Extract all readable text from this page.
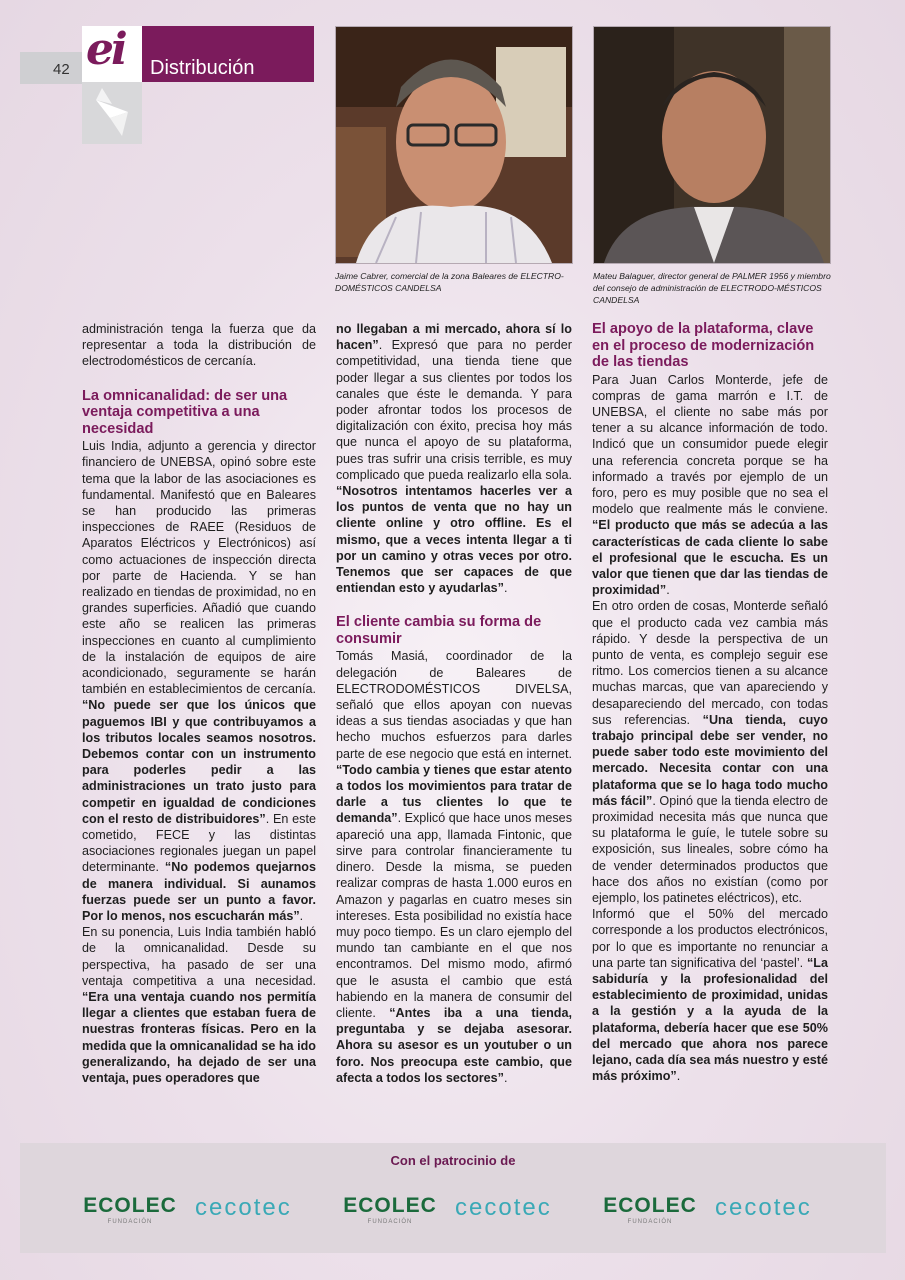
42 ei Distribución
Jaime Cabrer, comercial de la zona Baleares de ELECTRO-DOMÉSTICOS CANDELSA
Mateu Balaguer, director general de PALMER 1956 y miembro del consejo de administración de ELECTRODO-MÉSTICOS CANDELSA

administración tenga la fuerza que da representar a toda la distribución de electrodomésticos de cercanía.

La omnicanalidad: de ser una ventaja competitiva a una necesidad

Luis India, adjunto a gerencia y director financiero de UNEBSA, opinó sobre este tema que la labor de las asociaciones es fundamental. Manifestó que en Baleares se han producido las primeras inspecciones de RAEE (Residuos de Aparatos Eléctricos y Electrónicos) así como actuaciones de inspección directa por parte de Hacienda. Y se han realizado en tiendas de proximidad, no en grandes superficies. Añadió que cuando este año se realicen las primeras inspecciones en cuanto al cumplimiento de la instalación de equipos de aire acondicionado, seguramente se harán también en establecimientos de cercanía. “No puede ser que los únicos que paguemos IBI y que contribuyamos a los tributos locales seamos nosotros. Debemos contar con un instrumento para poderles pedir a las administraciones un trato justo para competir en igualdad de condiciones con el resto de distribuidores”. En este cometido, FECE y las distintas asociaciones regionales juegan un papel determinante. “No podemos quejarnos de manera individual. Si aunamos fuerzas puede ser un punto a favor. Por lo menos, nos escucharán más”.

En su ponencia, Luis India también habló de la omnicanalidad. Desde su perspectiva, ha pasado de ser una ventaja competitiva a una necesidad. “Era una ventaja cuando nos permitía llegar a clientes que estaban fuera de nuestras fronteras físicas. Pero en la medida que la omnicanalidad se ha ido generalizando, ha dejado de ser una ventaja, pues operadores que

no llegaban a mi mercado, ahora sí lo hacen”. Expresó que para no perder competitividad, una tienda tiene que poder llegar a sus clientes por todos los canales que éste le demanda. Y para poder afrontar todos los procesos de digitalización con éxito, precisa hoy más que nunca el apoyo de su plataforma, pues tras sufrir una crisis terrible, es muy complicado que pueda realizarlo ella sola. “Nosotros intentamos hacerles ver a los puntos de venta que no hay un cliente online y otro offline. Es el mismo, que a veces intenta llegar a ti por un camino y otras veces por otro. Tenemos que ser capaces de que entiendan esto y ayudarlas”.

El cliente cambia su forma de consumir

Tomás Masiá, coordinador de la delegación de Baleares de ELECTRODOMÉSTICOS DIVELSA, señaló que ellos apoyan con nuevas ideas a sus tiendas asociadas y que han hecho muchos esfuerzos para darles parte de ese negocio que está en internet. “Todo cambia y tienes que estar atento a todos los movimientos para tratar de darle a tus clientes lo que te demanda”. Explicó que hace unos meses apareció una app, llamada Fintonic, que sirve para controlar financieramente tu dinero. Desde la misma, se pueden realizar compras de hasta 1.000 euros en Amazon y pagarlas en cuatro meses sin intereses. Esta posibilidad no existía hace muy poco tiempo. Es un claro ejemplo del mundo tan cambiante en el que nos encontramos. Del mismo modo, afirmó que le asusta el cambio que está habiendo en la manera de consumir del cliente. “Antes iba a una tienda, preguntaba y se dejaba asesorar. Ahora su asesor es un youtuber o un foro. Nos preocupa este cambio, que afecta a todos los sectores”.

El apoyo de la plataforma, clave en el proceso de modernización de las tiendas

Para Juan Carlos Monterde, jefe de compras de gama marrón e I.T. de UNEBSA, el cliente no sabe más por tener a su alcance información de todo. Indicó que un consumidor puede elegir una referencia concreta porque se ha informado a través por ejemplo de un foro, pero es muy posible que no sea el modelo que realmente más le conviene. “El producto que más se adecúa a las características de cada cliente lo sabe el profesional que le escucha. Es un valor que tienen que dar las tiendas de proximidad”.

En otro orden de cosas, Monterde señaló que el producto cada vez cambia más rápido. Y desde la perspectiva de un punto de venta, es complejo seguir ese ritmo. Los comercios tienen a su alcance muchas marcas, que van apareciendo y desapareciendo del mercado, con todas sus referencias. “Una tienda, cuyo trabajo principal debe ser vender, no puede saber todo este movimiento del mercado. Necesita contar con una plataforma que se lo haga todo mucho más fácil”. Opinó que la tienda electro de proximidad necesita más que nunca que su plataforma le guíe, le tutele sobre su exposición, sus lineales, sobre cómo ha de vender determinados productos que hace dos años no existían (como por ejemplo, los patinetes eléctricos), etc.

Informó que el 50% del mercado corresponde a los productos electrónicos, por lo que es importante no renunciar a una parte tan significativa del ‘pastel’. “La sabiduría y la profesionalidad del establecimiento de proximidad, unidas a la gestión y a la ayuda de la plataforma, debería hacer que ese 50% del mercado que ahora nos parece lejano, cada día sea más nuestro y esté más próximo”.

Con el patrocinio de
ECOLEC
FUNDACIÓN
cecotec	ECOLEC
FUNDACIÓN
cecotec	ECOLEC
FUNDACIÓN
cecotec
